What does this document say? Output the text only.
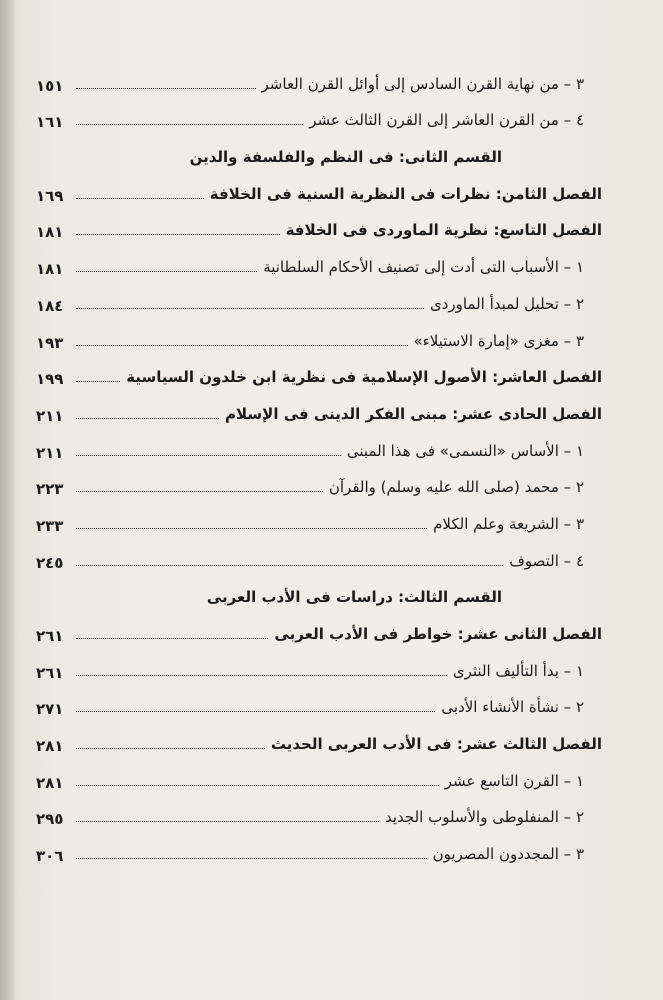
٣ – من نهاية القرن السادس إلى أوائل القرن العاشر
١٥١
٤ – من القرن العاشر إلى القرن الثالث عشر
١٦١
القسم الثانى: فى النظم والفلسفة والدين
الفصل الثامن: نظرات فى النظرية السنية فى الخلافة
١٦٩
الفصل التاسع: نظرية الماوردى فى الخلافة
١٨١
١ – الأسباب التى أدت إلى تصنيف الأحكام السلطانية
١٨١
٢ – تحليل لمبدأ الماوردى
١٨٤
٣ – مغزى «إمارة الاستيلاء»
١٩٣
الفصل العاشر: الأصول الإسلامية فى نظرية ابن خلدون السياسية
١٩٩
الفصل الحادى عشر: مبنى الفكر الدينى فى الإسلام
٢١١
١ – الأساس «النسمى» فى هذا المبنى
٢١١
٢ – محمد (صلى الله عليه وسلم) والقرآن
٢٢٣
٣ – الشريعة وعلم الكلام
٢٣٣
٤ – التصوف
٢٤٥
القسم الثالث: دراسات فى الأدب العربى
الفصل الثانى عشر: خواطر فى الأدب العربى
٢٦١
١ – بدأ التأليف النثرى
٢٦١
٢ – نشأة الأنشاء الأدبى
٢٧١
الفصل الثالث عشر: فى الأدب العربى الحديث
٢٨١
١ – القرن التاسع عشر
٢٨١
٢ – المنفلوطى والأسلوب الجديد
٢٩٥
٣ – المجددون المصريون
٣٠٦
